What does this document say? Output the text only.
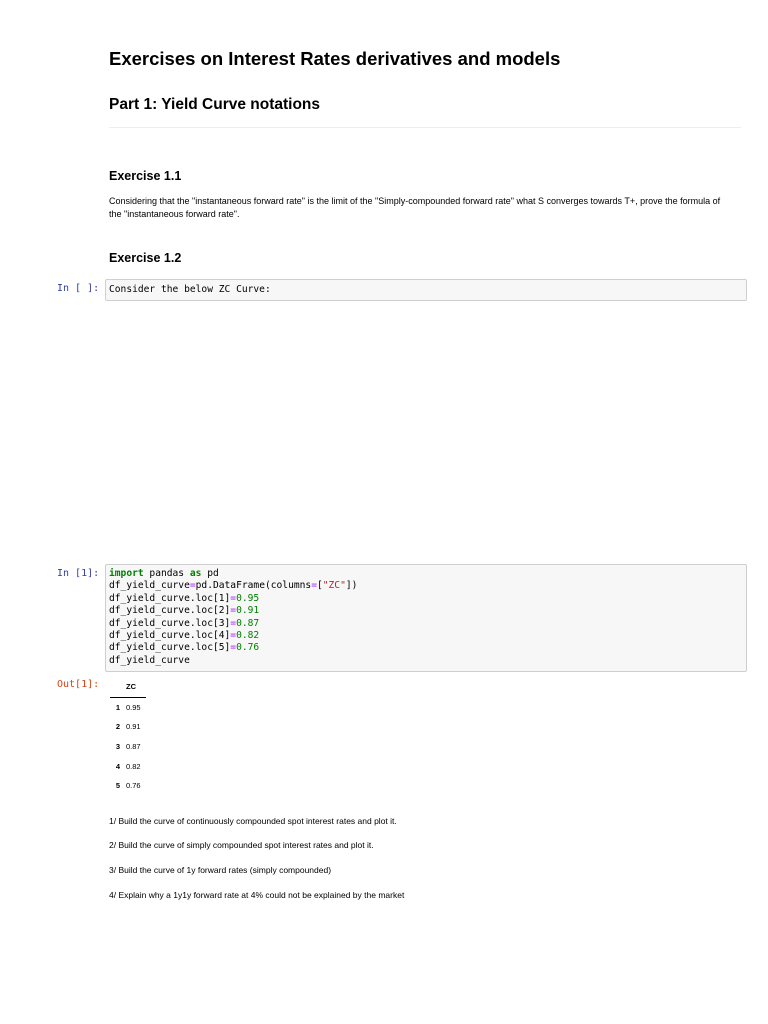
Exercises on Interest Rates derivatives and models
Part 1: Yield Curve notations
Exercise 1.1
Considering that the "instantaneous forward rate" is the limit of the "Simply-compounded forward rate" what S converges towards T+, prove the formula of the "instantaneous forward rate".
Exercise 1.2
In [ ]: Consider the below ZC Curve:
In [1]: import pandas as pd
df_yield_curve=pd.DataFrame(columns=["ZC"])
df_yield_curve.loc[1]=0.95
df_yield_curve.loc[2]=0.91
df_yield_curve.loc[3]=0.87
df_yield_curve.loc[4]=0.82
df_yield_curve.loc[5]=0.76
df_yield_curve
Out[1]:
		ZC
1	0.95
2	0.91
3	0.87
4	0.82
5	0.76
1/ Build the curve of continuously compounded spot interest rates and plot it.
2/ Build the curve of simply compounded spot interest rates and plot it.
3/ Build the curve of 1y forward rates (simply compounded)
4/ Explain why a 1y1y forward rate at 4% could not be explained by the market
